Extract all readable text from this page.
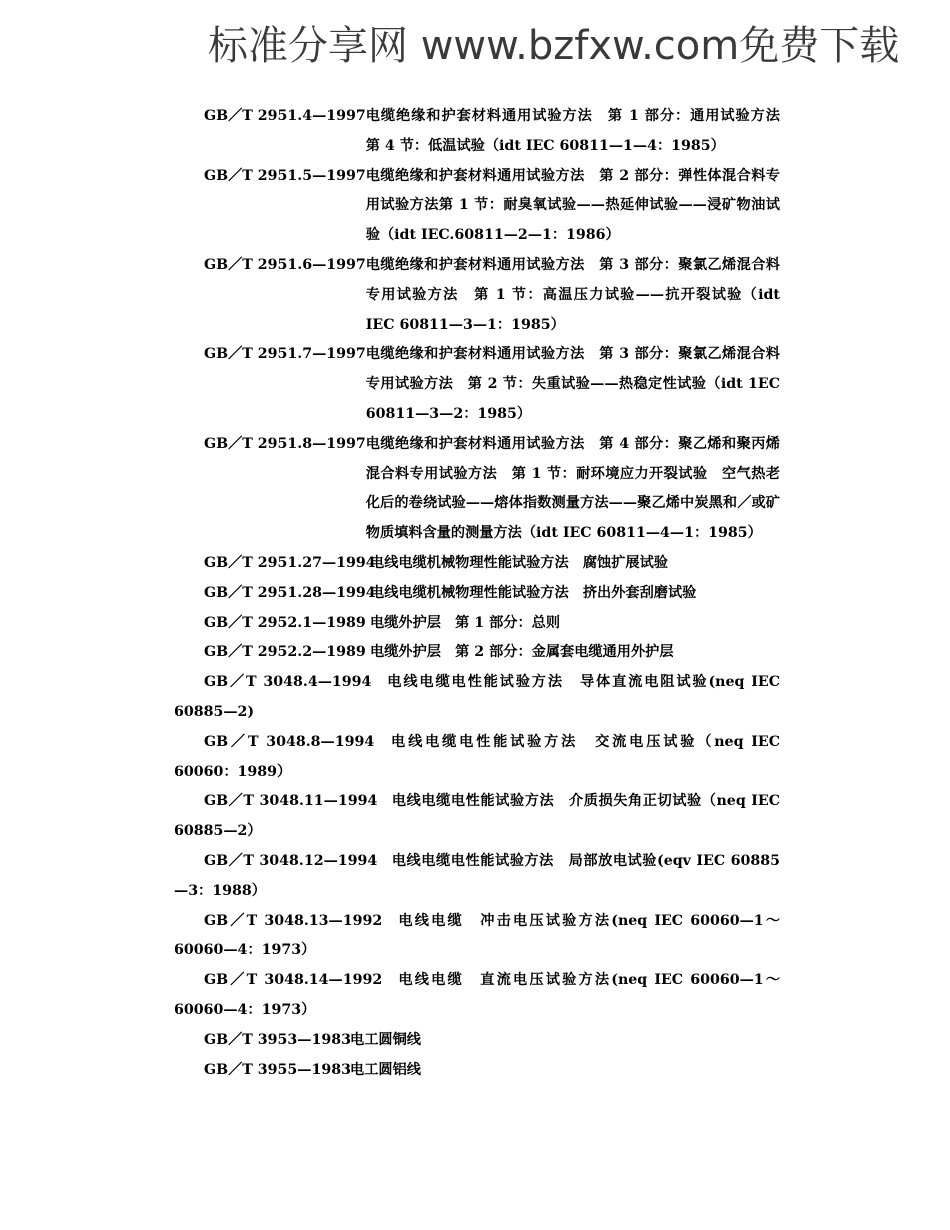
标准分享网 www.bzfxw.com免费下载
GB／T 2951.4—1997 电缆绝缘和护套材料通用试验方法　第 1 部分：通用试验方法　第 4 节：低温试验（idt IEC 60811—1—4：1985）
GB／T 2951.5—1997 电缆绝缘和护套材料通用试验方法　第 2 部分：弹性体混合料专用试验方法第 1 节：耐臭氧试验——热延伸试验——浸矿物油试验（idt IEC.60811—2—1：1986）
GB／T 2951.6—1997 电缆绝缘和护套材料通用试验方法　第 3 部分：聚氯乙烯混合料专用试验方法　第 1 节：高温压力试验——抗开裂试验（idt IEC 60811—3—1：1985）
GB／T 2951.7—1997 电缆绝缘和护套材料通用试验方法　第 3 部分：聚氯乙烯混合料专用试验方法　第 2 节：失重试验——热稳定性试验（idt 1EC 60811—3—2：1985）
GB／T 2951.8—1997 电缆绝缘和护套材料通用试验方法　第 4 部分：聚乙烯和聚丙烯混合料专用试验方法　第 1 节：耐环境应力开裂试验　空气热老化后的卷绕试验——熔体指数测量方法——聚乙烯中炭黑和／或矿物质填料含量的测量方法（idt IEC 60811—4—1：1985）
GB／T 2951.27—1994电线电缆机械物理性能试验方法　腐蚀扩展试验
GB／T 2951.28—1994电线电缆机械物理性能试验方法　挤出外套刮磨试验
GB／T 2952.1—1989 电缆外护层　第 1 部分：总则
GB／T 2952.2—1989 电缆外护层　第 2 部分：金属套电缆通用外护层
GB／T 3048.4—1994 电线电缆电性能试验方法　导体直流电阻试验(neq IEC 60885—2)
GB／T 3048.8—1994 电线电缆电性能试验方法　交流电压试验（neq IEC 60060：1989）
GB／T 3048.11—1994 电线电缆电性能试验方法　介质损失角正切试验（neq IEC 60885—2）
GB／T 3048.12—1994 电线电缆电性能试验方法　局部放电试验(eqv IEC 60885—3：1988）
GB／T 3048.13—1992 电线电缆　冲击电压试验方法(neq IEC 60060—1～60060—4：1973）
GB／T 3048.14—1992 电线电缆　直流电压试验方法(neq IEC 60060—1～60060—4：1973）
GB／T 3953—1983电工圆铜线
GB／T 3955—1983电工圆铝线
